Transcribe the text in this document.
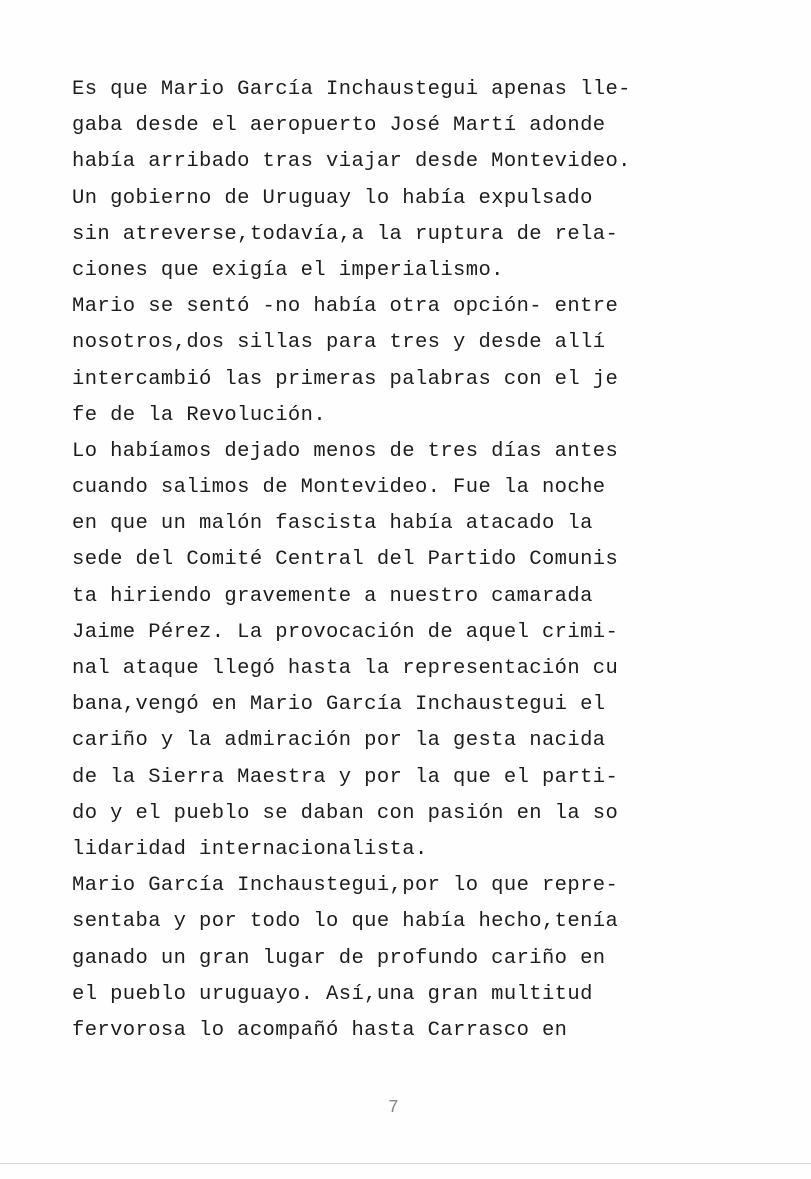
Es que Mario García Inchaustegui apenas lle-
gaba desde el aeropuerto José Martí adonde
había arribado tras viajar desde Montevideo.
Un gobierno de Uruguay lo había expulsado
sin atreverse,todavía,a la ruptura de rela-
ciones que exigía el imperialismo.
Mario se sentó -no había otra opción- entre
nosotros,dos sillas para tres y desde allí
intercambió las primeras palabras con el je
fe de la Revolución.
Lo habíamos dejado menos de tres días antes
cuando salimos de Montevideo. Fue la noche
en que un malón fascista había atacado la
sede del Comité Central del Partido Comunis
ta hiriendo gravemente a nuestro camarada
Jaime Pérez. La provocación de aquel crimi-
nal ataque llegó hasta la representación cu
bana,vengó en Mario García Inchaustegui el
cariño y la admiración por la gesta nacida
de la Sierra Maestra y por la que el parti-
do y el pueblo se daban con pasión en la so
lidaridad internacionalista.
Mario García Inchaustegui,por lo que repre-
sentaba y por todo lo que había hecho,tenía
ganado un gran lugar de profundo cariño en
el pueblo uruguayo. Así,una gran multitud
fervorosa lo acompañó hasta Carrasco en
7
